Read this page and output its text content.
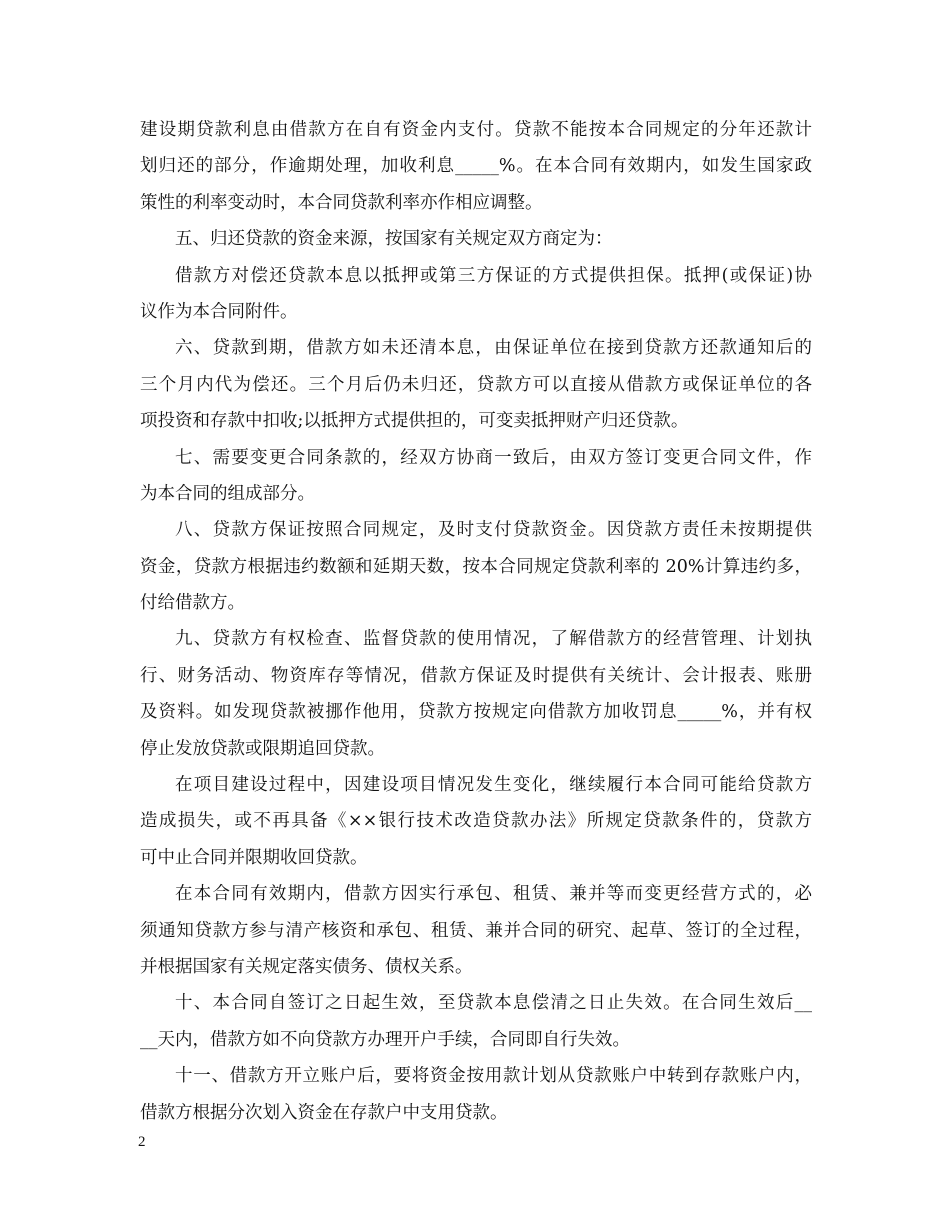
建设期贷款利息由借款方在自有资金内支付。贷款不能按本合同规定的分年还款计
划归还的部分，作逾期处理，加收利息_____%。在本合同有效期内，如发生国家政
策性的利率变动时，本合同贷款利率亦作相应调整。
五、归还贷款的资金来源，按国家有关规定双方商定为：
借款方对偿还贷款本息以抵押或第三方保证的方式提供担保。抵押(或保证)协
议作为本合同附件。
六、贷款到期，借款方如未还清本息，由保证单位在接到贷款方还款通知后的
三个月内代为偿还。三个月后仍未归还，贷款方可以直接从借款方或保证单位的各
项投资和存款中扣收;以抵押方式提供担的，可变卖抵押财产归还贷款。
七、需要变更合同条款的，经双方协商一致后，由双方签订变更合同文件，作
为本合同的组成部分。
八、贷款方保证按照合同规定，及时支付贷款资金。因贷款方责任未按期提供
资金，贷款方根据违约数额和延期天数，按本合同规定贷款利率的 20%计算违约多，
付给借款方。
九、贷款方有权检查、监督贷款的使用情况，了解借款方的经营管理、计划执
行、财务活动、物资库存等情况，借款方保证及时提供有关统计、会计报表、账册
及资料。如发现贷款被挪作他用，贷款方按规定向借款方加收罚息_____%，并有权
停止发放贷款或限期追回贷款。
在项目建设过程中，因建设项目情况发生变化，继续履行本合同可能给贷款方
造成损失，或不再具备《××银行技术改造贷款办法》所规定贷款条件的，贷款方
可中止合同并限期收回贷款。
在本合同有效期内，借款方因实行承包、租赁、兼并等而变更经营方式的，必
须通知贷款方参与清产核资和承包、租赁、兼并合同的研究、起草、签订的全过程，
并根据国家有关规定落实债务、债权关系。
十、本合同自签订之日起生效，至贷款本息偿清之日止失效。在合同生效后__
__天内，借款方如不向贷款方办理开户手续，合同即自行失效。
十一、借款方开立账户后，要将资金按用款计划从贷款账户中转到存款账户内，
借款方根据分次划入资金在存款户中支用贷款。
2
